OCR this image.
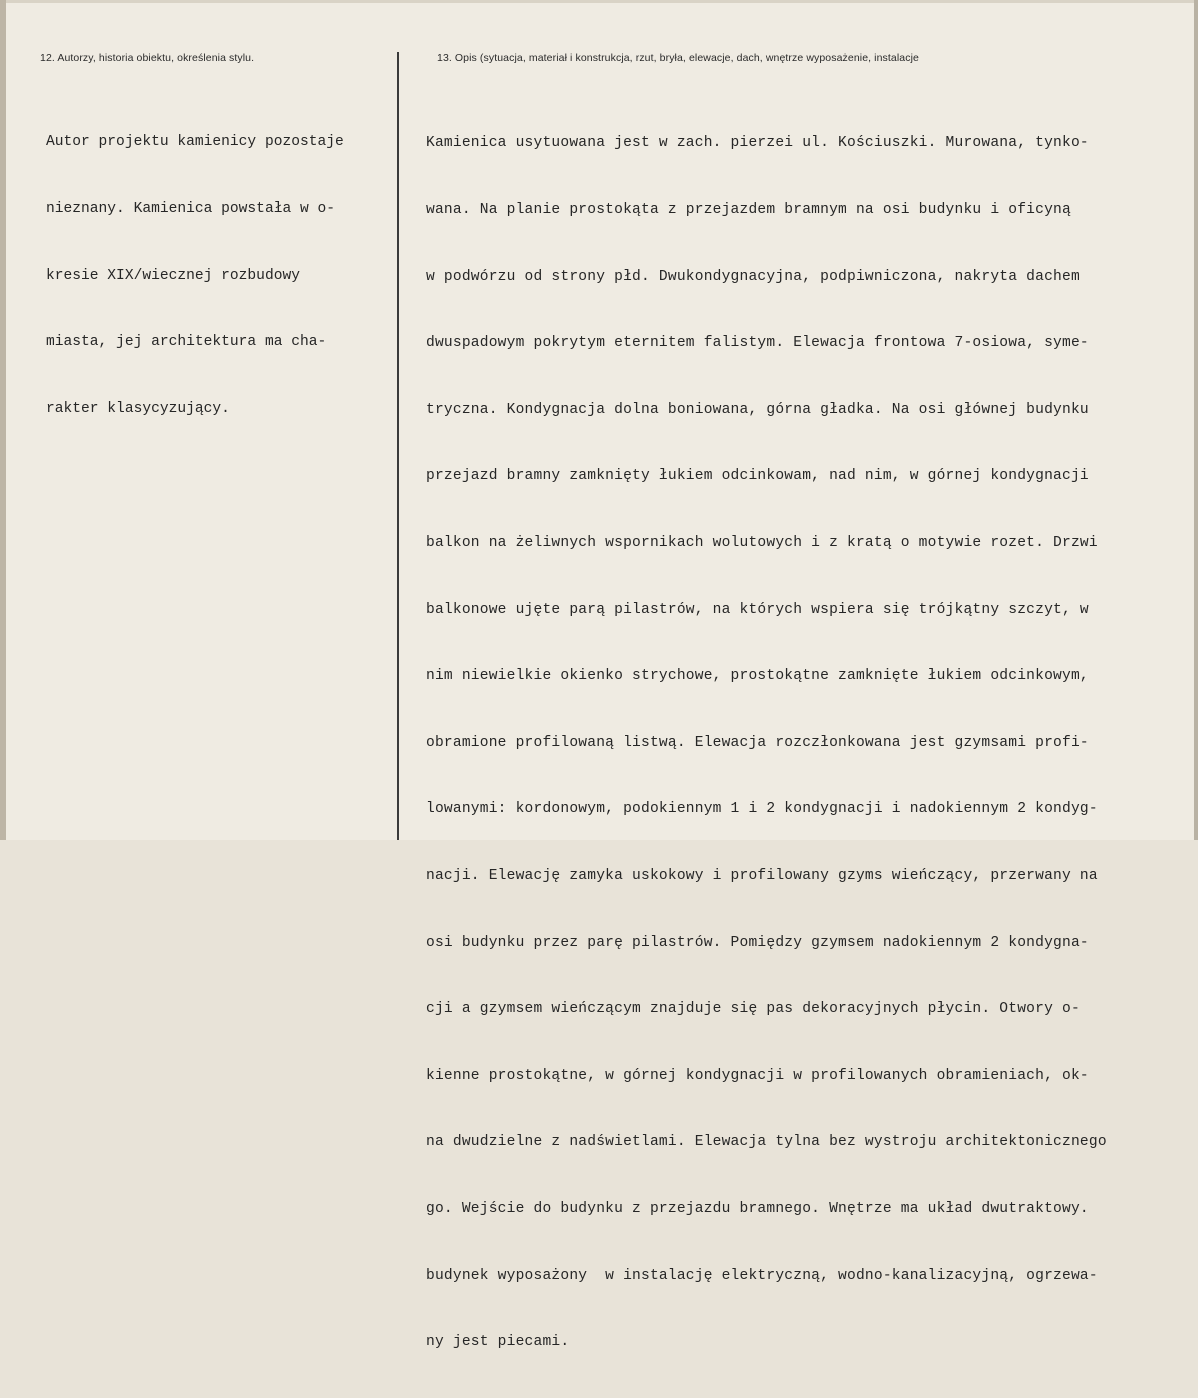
12. Autorzy, historia obiektu, określenia stylu.	13. Opis (sytuacja, materiał i konstrukcja, rzut, bryła, elewacje, dach, wnętrze wyposażenie, instalacje

Autor projektu kamienicy pozostaje

nieznany. Kamienica powstała w o-

kresie XIX/wiecznej rozbudowy

miasta, jej architektura ma cha-

rakter klasycyzujący.

Kamienica usytuowana jest w zach. pierzei ul. Kościuszki. Murowana, tynko-

wana. Na planie prostokąta z przejazdem bramnym na osi budynku i oficyną

w podwórzu od strony płd. Dwukondygnacyjna, podpiwniczona, nakryta dachem

dwuspadowym pokrytym eternitem falistym. Elewacja frontowa 7-osiowa, syme-

tryczna. Kondygnacja dolna boniowana, górna gładka. Na osi głównej budynku

przejazd bramny zamknięty łukiem odcinkowam, nad nim, w górnej kondygnacji

balkon na żeliwnych wspornikach wolutowych i z kratą o motywie rozet. Drzwi

balkonowe ujęte parą pilastrów, na których wspiera się trójkątny szczyt, w

nim niewielkie okienko strychowe, prostokątne zamknięte łukiem odcinkowym,

obramione profilowaną listwą. Elewacja rozczłonkowana jest gzymsami profi-

lowanymi: kordonowym, podokiennym 1 i 2 kondygnacji i nadokiennym 2 kondyg-

nacji. Elewację zamyka uskokowy i profilowany gzyms wieńczący, przerwany na

osi budynku przez parę pilastrów. Pomiędzy gzymsem nadokiennym 2 kondygna-

cji a gzymsem wieńczącym znajduje się pas dekoracyjnych płycin. Otwory o-

kienne prostokątne, w górnej kondygnacji w profilowanych obramieniach, ok-

na dwudzielne z nadświetlami. Elewacja tylna bez wystroju architektonicznego

go. Wejście do budynku z przejazdu bramnego. Wnętrze ma układ dwutraktowy.

budynek wyposażony  w instalację elektryczną, wodno-kanalizacyjną, ogrzewa-

ny jest piecami.
